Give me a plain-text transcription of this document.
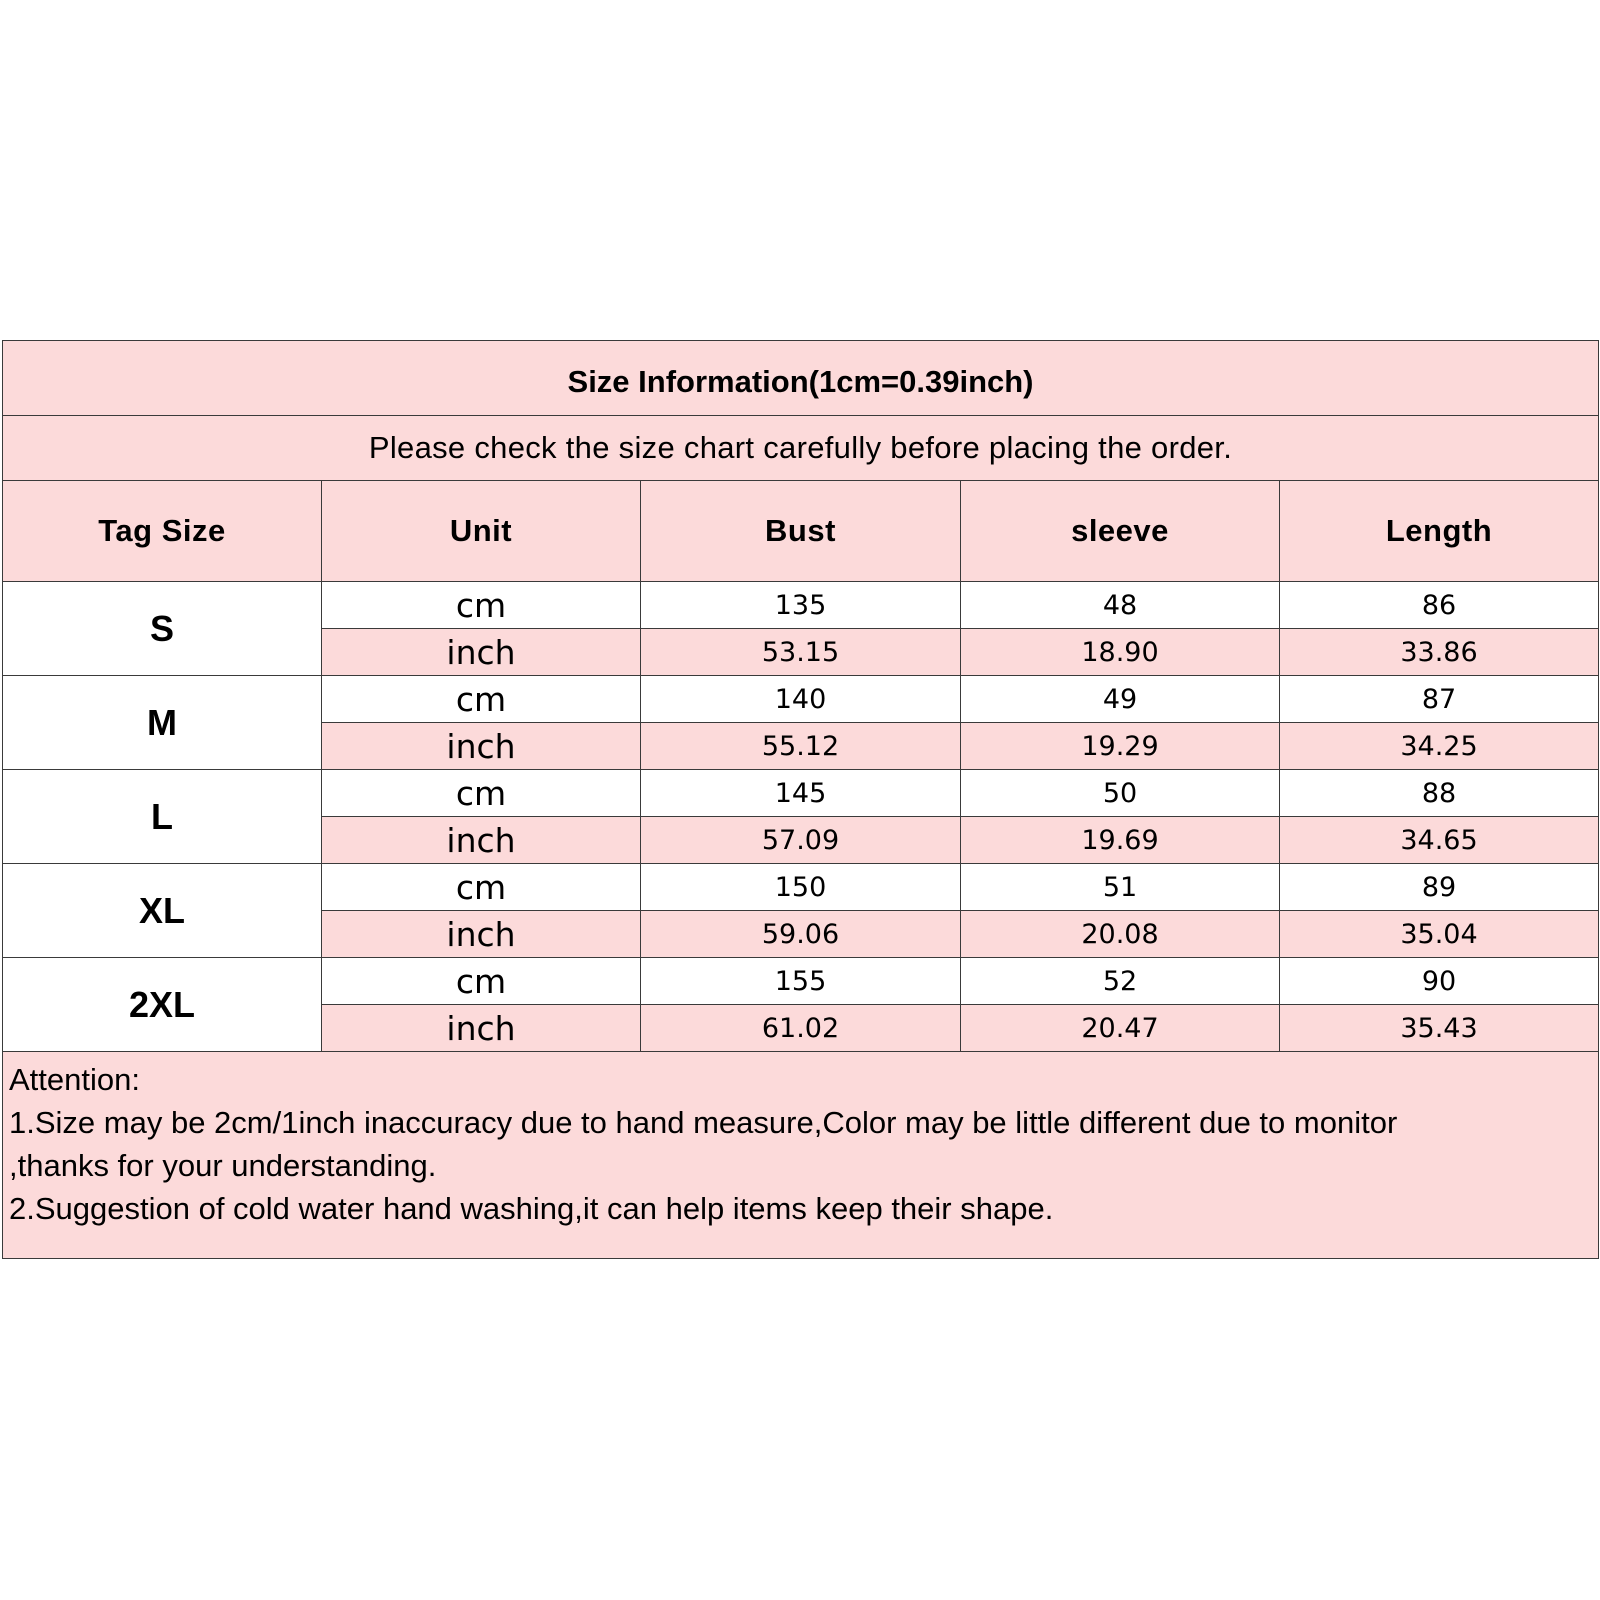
Size Information(1cm=0.39inch)				
Please check the size chart carefully before placing the order.				
Tag Size	Unit	Bust	sleeve	Length
S	cm	135	48	86
	inch	53.15	18.90	33.86
M	cm	140	49	87
	inch	55.12	19.29	34.25
L	cm	145	50	88
	inch	57.09	19.69	34.65
XL	cm	150	51	89
	inch	59.06	20.08	35.04
2XL	cm	155	52	90
	inch	61.02	20.47	35.43

Attention:
1.Size may be 2cm/1inch inaccuracy due to hand measure,Color may be little different due to monitor
,thanks for your understanding.
2.Suggestion of cold water hand washing,it can help items keep their shape.				
